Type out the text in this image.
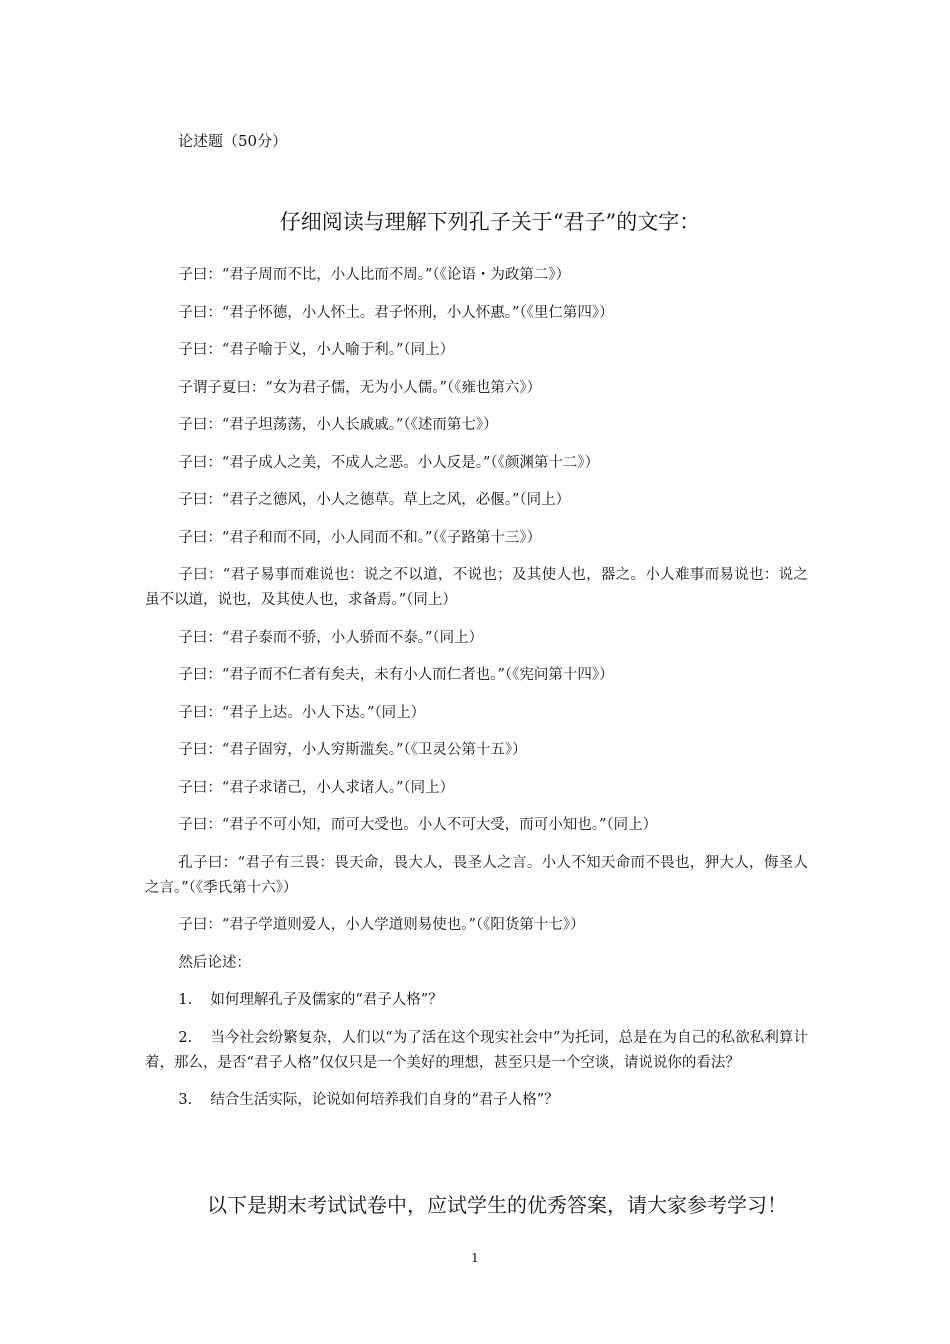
论述题（50分）
仔细阅读与理解下列孔子关于“君子”的文字：

子曰：“君子周而不比，小人比而不周。”（《论语・为政第二》）

子曰：“君子怀德，小人怀土。君子怀刑，小人怀惠。”（《里仁第四》）

子曰：“君子喻于义，小人喻于利。”（同上）

子谓子夏曰：“女为君子儒，无为小人儒。”（《雍也第六》）

子曰：“君子坦荡荡，小人长戚戚。”（《述而第七》）

子曰：“君子成人之美，不成人之恶。小人反是。”（《颜渊第十二》）

子曰：“君子之德风，小人之德草。草上之风，必偃。”（同上）

子曰：“君子和而不同，小人同而不和。”（《子路第十三》）

子曰：“君子易事而难说也：说之不以道，不说也；及其使人也，器之。小人难事而易说也：说之虽不以道，说也，及其使人也，求备焉。”（同上）

子曰：“君子泰而不骄，小人骄而不泰。”（同上）

子曰：“君子而不仁者有矣夫，未有小人而仁者也。”（《宪问第十四》）

子曰：“君子上达。小人下达。”（同上）

子曰：“君子固穷，小人穷斯滥矣。”（《卫灵公第十五》）

子曰：“君子求诸己，小人求诸人。”（同上）

子曰：“君子不可小知，而可大受也。小人不可大受，而可小知也。”（同上）

孔子曰：“君子有三畏：畏天命，畏大人，畏圣人之言。小人不知天命而不畏也，狎大人，侮圣人之言。”（《季氏第十六》）

子曰：“君子学道则爱人，小人学道则易使也。”（《阳货第十七》）

然后论述：

1. 如何理解孔子及儒家的“君子人格”？

2. 当今社会纷繁复杂，人们以“为了活在这个现实社会中”为托词，总是在为自己的私欲私利算计着，那么，是否“君子人格”仅仅只是一个美好的理想，甚至只是一个空谈，请说说你的看法？

3. 结合生活实际，论说如何培养我们自身的“君子人格”？

以下是期末考试试卷中，应试学生的优秀答案，请大家参考学习！
1
